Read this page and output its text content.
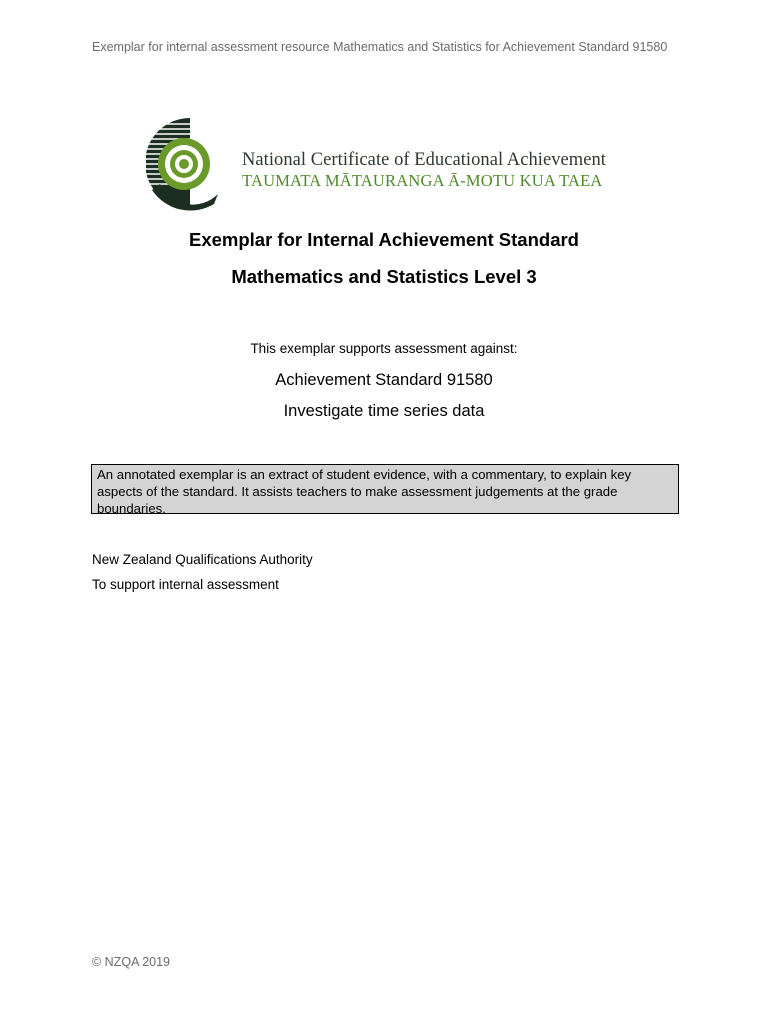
Exemplar for internal assessment resource Mathematics and Statistics for Achievement Standard 91580
National Certificate of Educational Achievement
TAUMATA MĀTAURANGA Ā-MOTU KUA TAEA
Exemplar for Internal Achievement Standard
Mathematics and Statistics Level 3
This exemplar supports assessment against:
Achievement Standard 91580
Investigate time series data
An annotated exemplar is an extract of student evidence, with a commentary, to explain key aspects of the standard. It assists teachers to make assessment judgements at the grade boundaries.
New Zealand Qualifications Authority
To support internal assessment
© NZQA 2019
